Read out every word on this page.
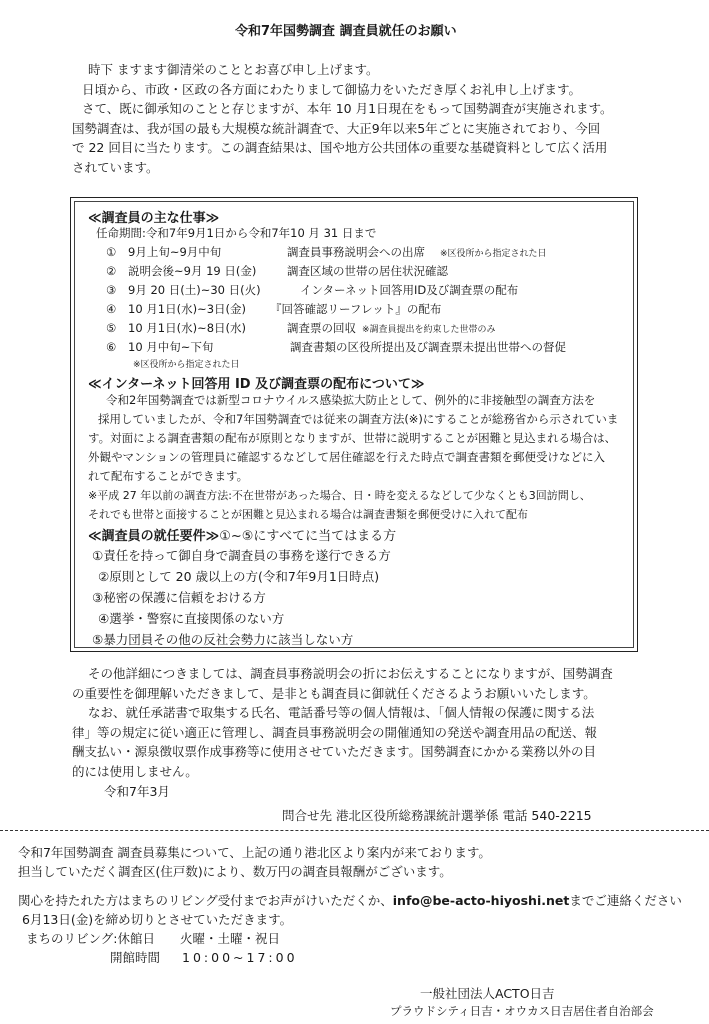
令和7年国勢調査 調査員就任のお願い
時下 ますます御清栄のこととお喜び申し上げます。
日頃から、市政・区政の各方面にわたりまして御協力をいただき厚くお礼申し上げます。
さて、既に御承知のことと存じますが、本年 10 月1日現在をもって国勢調査が実施されます。
国勢調査は、我が国の最も大規模な統計調査で、大正9年以来5年ごとに実施されており、今回
で 22 回目に当たります。この調査結果は、国や地方公共団体の重要な基礎資料として広く活用
されています。
≪調査員の主な仕事≫
任命期間:令和7年9月1日から令和7年10 月 31 日まで
① 9月上旬~9月中旬	調査員事務説明会への出席 ※区役所から指定された日
② 説明会後~9月 19 日(金)	調査区域の世帯の居住状況確認
③ 9月 20 日(土)~30 日(火)	インターネット回答用ID及び調査票の配布
④ 10 月1日(水)~3日(金) 『回答確認リーフレット』の配布
⑤ 10 月1日(水)~8日(水)	調査票の回収 ※調査員提出を約束した世帯のみ
⑥ 10 月中旬~下旬	調査書類の区役所提出及び調査票未提出世帯への督促
※区役所から指定された日
≪インターネット回答用 ID 及び調査票の配布について≫
令和2年国勢調査では新型コロナウイルス感染拡大防止として、例外的に非接触型の調査方法を
採用していましたが、令和7年国勢調査では従来の調査方法(※)にすることが総務省から示されていま
す。対面による調査書類の配布が原則となりますが、世帯に説明することが困難と見込まれる場合は、
外観やマンションの管理員に確認するなどして居住確認を行えた時点で調査書類を郵便受けなどに入
れて配布することができます。
※平成 27 年以前の調査方法:不在世帯があった場合、日・時を変えるなどして少なくとも3回訪問し、
それでも世帯と面接することが困難と見込まれる場合は調査書類を郵便受けに入れて配布
≪調査員の就任要件≫①~⑤にすべてに当てはまる方
①責任を持って御自身で調査員の事務を遂行できる方
②原則として 20 歳以上の方(令和7年9月1日時点)
③秘密の保護に信頼をおける方
④選挙・警察に直接関係のない方
⑤暴力団員その他の反社会勢力に該当しない方
その他詳細につきましては、調査員事務説明会の折にお伝えすることになりますが、国勢調査
の重要性を御理解いただきまして、是非とも調査員に御就任くださるようお願いいたします。
なお、就任承諾書で取集する氏名、電話番号等の個人情報は、「個人情報の保護に関する法
律」等の規定に従い適正に管理し、調査員事務説明会の開催通知の発送や調査用品の配送、報
酬支払い・源泉徴収票作成事務等に使用させていただきます。国勢調査にかかる業務以外の目
的には使用しません。
令和7年3月
問合せ先 港北区役所総務課統計選挙係 電話 540-2215
令和7年国勢調査 調査員募集について、上記の通り港北区より案内が来ております。
担当していただく調査区(住戸数)により、数万円の調査員報酬がございます。
関心を持たれた方はまちのリビング受付までお声がけいただくか、info@be-acto-hiyoshi.netまでご連絡ください
6月13日(金)を締め切りとさせていただきます。
まちのリビング:休館日 火曜・土曜・祝日
開館時間 10:00~17:00
一般社団法人ACTO日吉
プラウドシティ日吉・オウカス日吉居住者自治部会
